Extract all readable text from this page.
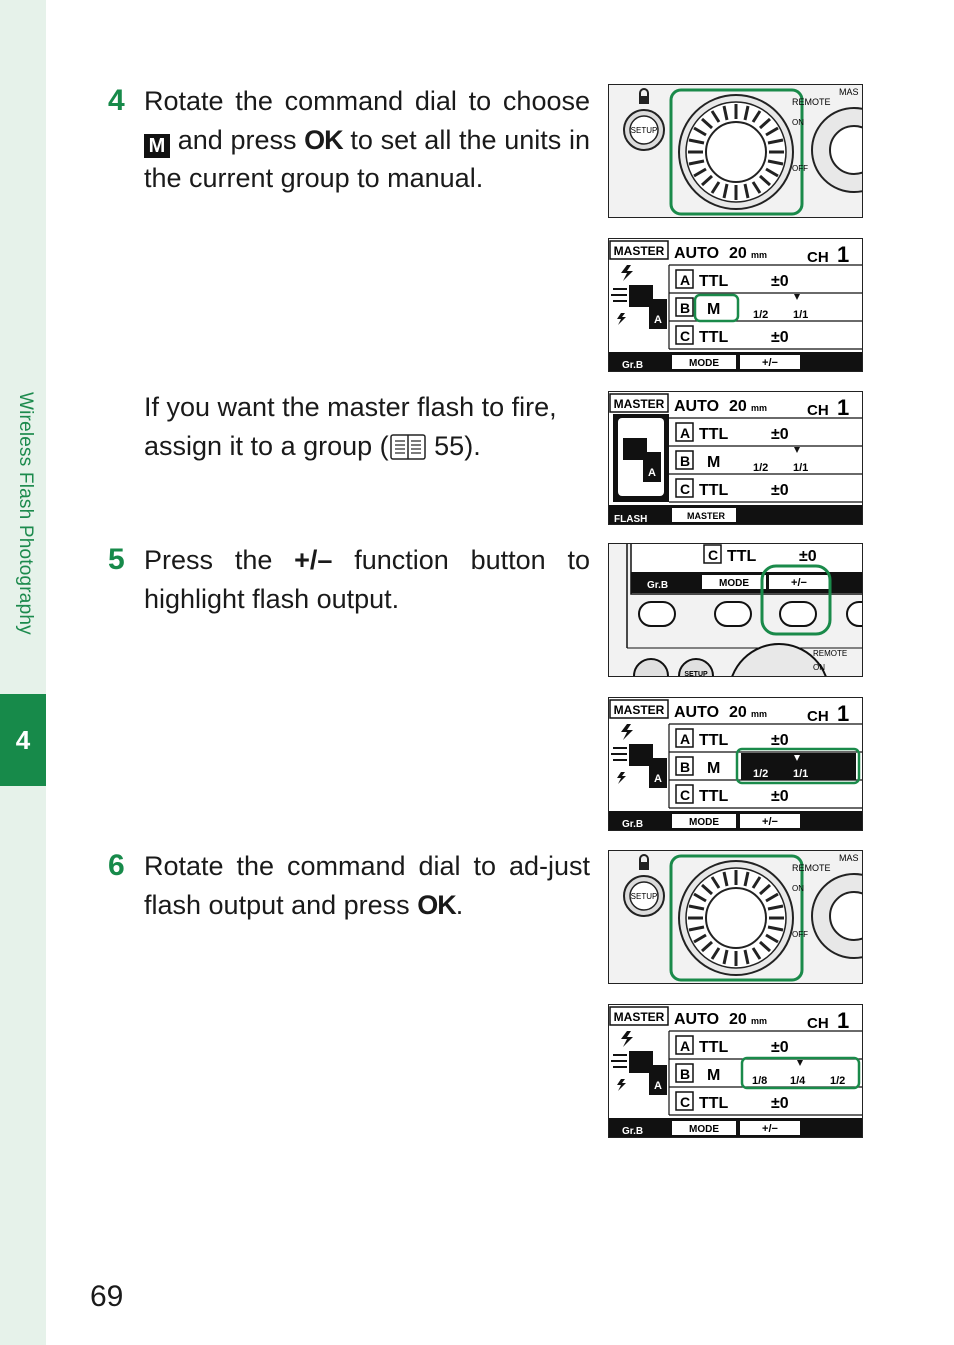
Wireless Flash Photography
4
4 Rotate the command dial to choose M and press OK to set all the units in the current group to manual.
If you want the master flash to fire, assign it to a group ( 55).
5 Press the +/– function button to highlight flash output.
6 Rotate the command dial to ad-just flash output and press OK.
69
SETUP
REMOTE
MAS
ON
OFF
MASTER AUTO 20 mm	CH 1
A
A TTL	±0
B M	1/2 1/1
C TTL	±0
Gr.B	MODE	+/−
MASTER AUTO 20 mm	CH 1
A
A TTL	±0
B M	1/2 1/1
C TTL	±0
FLASH	MASTER
C TTL	±0
Gr.B	MODE	+/−
SETUP
REMOTE
ON
MASTER AUTO 20 mm	CH 1
A
A TTL	±0
B M	1/2 1/1
C TTL	±0
Gr.B	MODE	+/−
SETUP
REMOTE
MAS
ON
OFF
MASTER AUTO 20 mm	CH 1
A
A TTL	±0
B M	1/8 1/4 1/2
C TTL	±0
Gr.B	MODE	+/−
